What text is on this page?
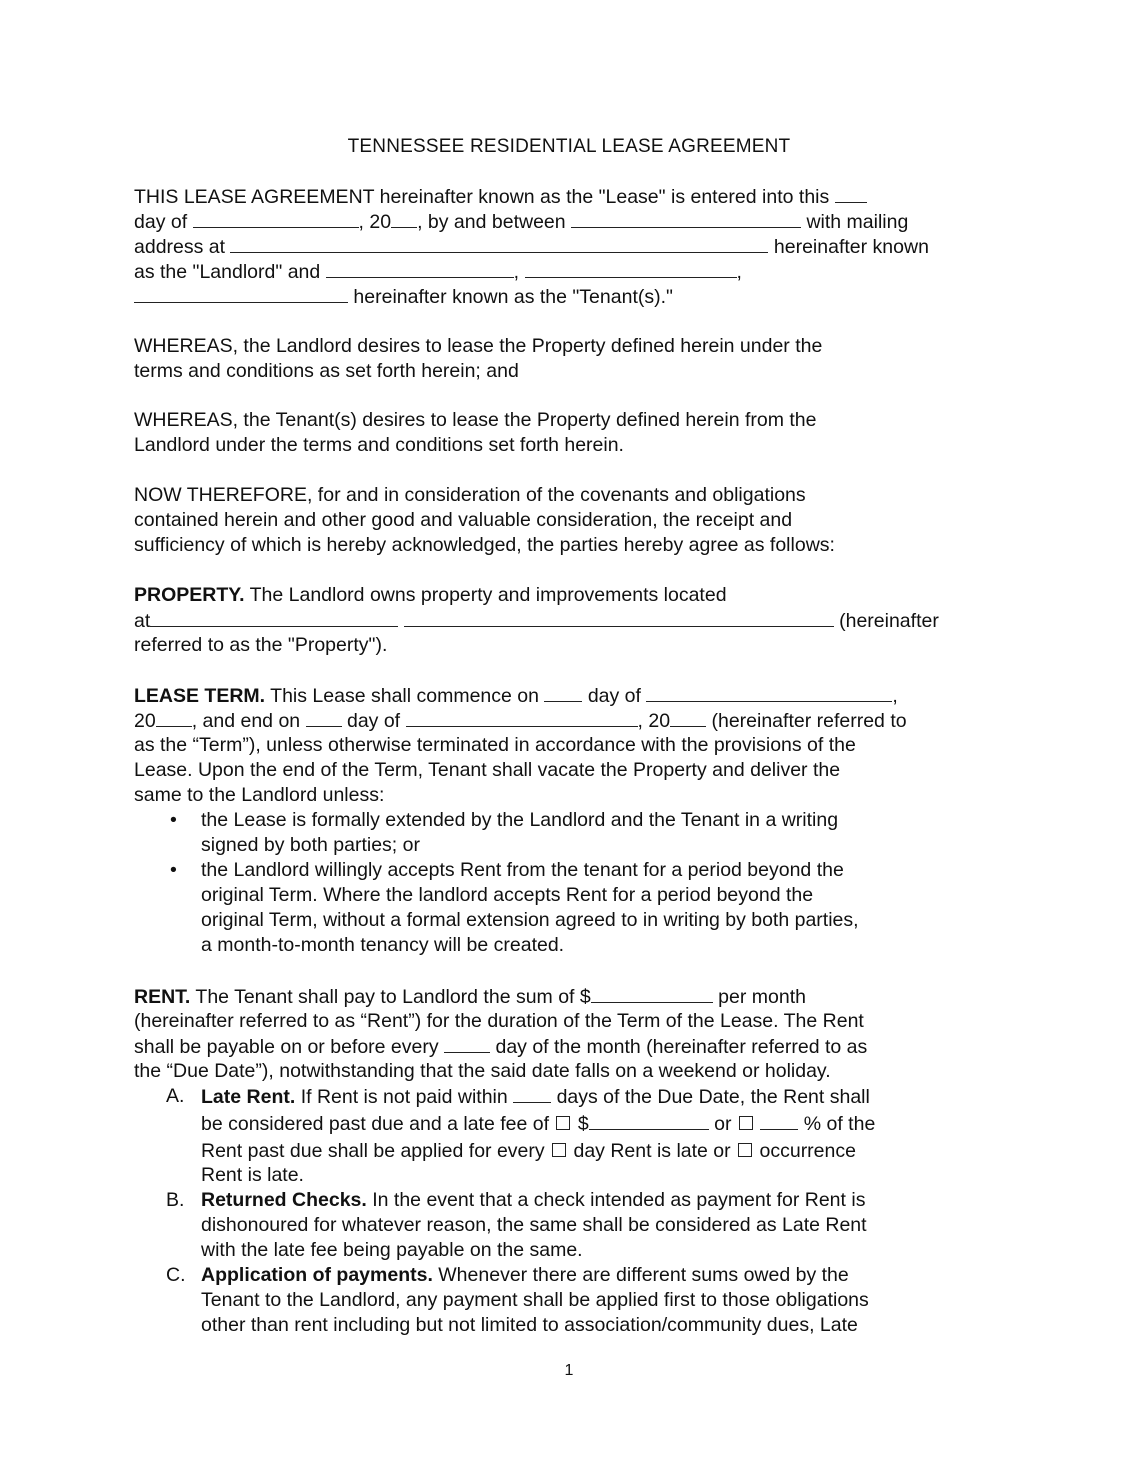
TENNESSEE RESIDENTIAL LEASE AGREEMENT
THIS LEASE AGREEMENT hereinafter known as the "Lease" is entered into this
day of	, 20 , by and between	with mailing
address at	hereinafter known
as the "Landlord" and	,	,
hereinafter known as the "Tenant(s)."
WHEREAS, the Landlord desires to lease the Property defined herein under the
terms and conditions as set forth herein; and
WHEREAS, the Tenant(s) desires to lease the Property defined herein from the
Landlord under the terms and conditions set forth herein.
NOW THEREFORE, for and in consideration of the covenants and obligations
contained herein and other good and valuable consideration, the receipt and
sufficiency of which is hereby acknowledged, the parties hereby agree as follows:
PROPERTY. The Landlord owns property and improvements located
at	(hereinafter
referred to as the "Property").
LEASE TERM. This Lease shall commence on	day of	,
20 , and end on day of	, 20 (hereinafter referred to
as the “Term”), unless otherwise terminated in accordance with the provisions of the
Lease. Upon the end of the Term, Tenant shall vacate the Property and deliver the
same to the Landlord unless:
• the Lease is formally extended by the Landlord and the Tenant in a writing
signed by both parties; or
• the Landlord willingly accepts Rent from the tenant for a period beyond the
original Term. Where the landlord accepts Rent for a period beyond the
original Term, without a formal extension agreed to in writing by both parties,
a month-to-month tenancy will be created.
RENT. The Tenant shall pay to Landlord the sum of $	per month
(hereinafter referred to as “Rent”) for the duration of the Term of the Lease. The Rent
shall be payable on or before every	day of the month (hereinafter referred to as
the “Due Date”), notwithstanding that the said date falls on a weekend or holiday.
A. Late Rent. If Rent is not paid within	days of the Due Date, the Rent shall
be considered past due and a late fee of $	or	% of the
Rent past due shall be applied for every day Rent is late or occurrence
Rent is late.
B. Returned Checks. In the event that a check intended as payment for Rent is
dishonoured for whatever reason, the same shall be considered as Late Rent
with the late fee being payable on the same.
C. Application of payments. Whenever there are different sums owed by the
Tenant to the Landlord, any payment shall be applied first to those obligations
other than rent including but not limited to association/community dues, Late
1
